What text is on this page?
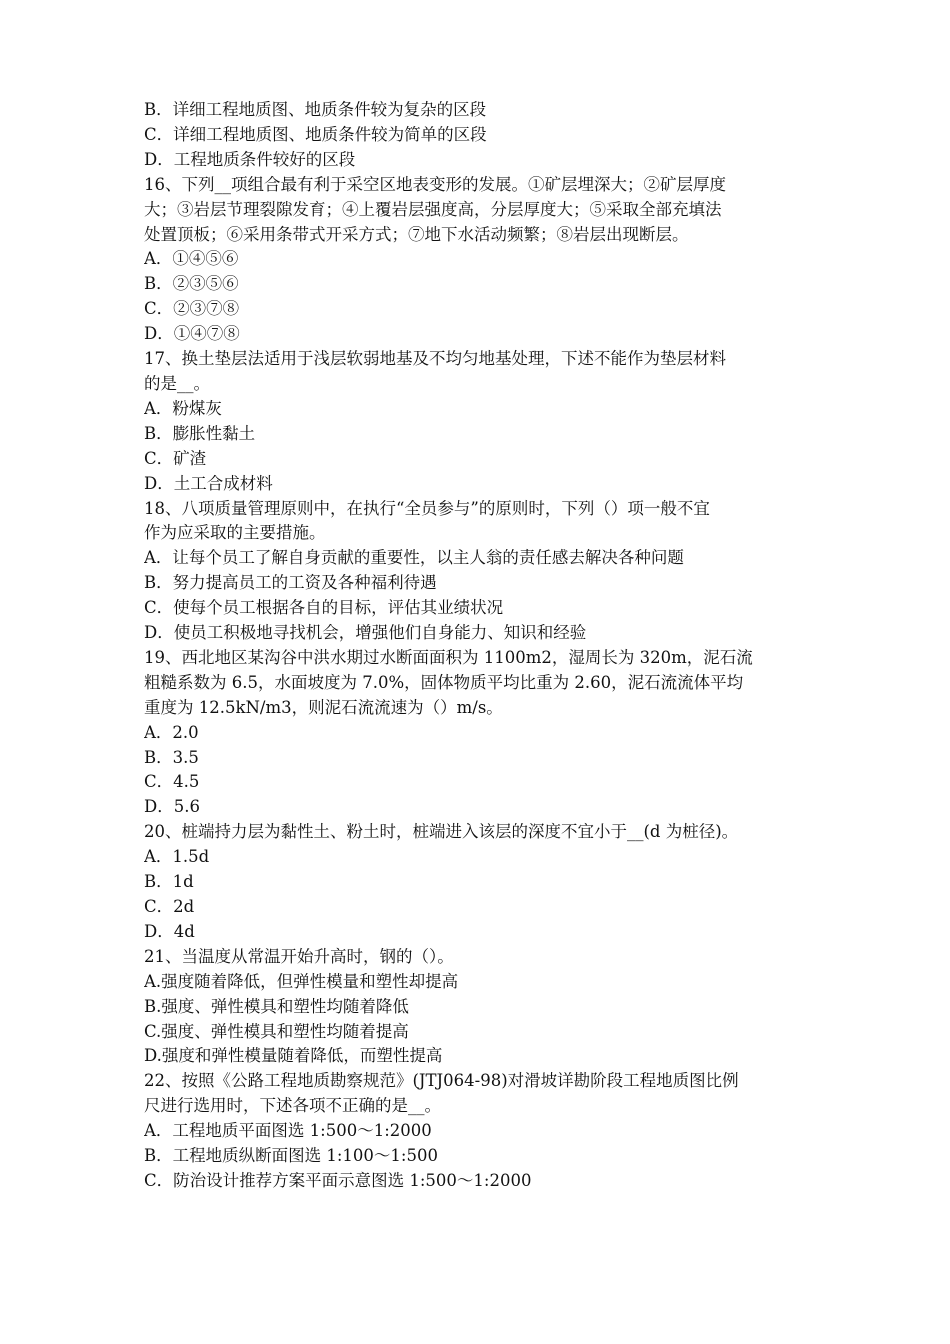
B．详细工程地质图、地质条件较为复杂的区段
C．详细工程地质图、地质条件较为简单的区段
D．工程地质条件较好的区段
16、下列__项组合最有利于采空区地表变形的发展。①矿层埋深大；②矿层厚度
大；③岩层节理裂隙发育；④上覆岩层强度高，分层厚度大；⑤采取全部充填法
处置顶板；⑥采用条带式开采方式；⑦地下水活动频繁；⑧岩层出现断层。
A．①④⑤⑥
B．②③⑤⑥
C．②③⑦⑧
D．①④⑦⑧
17、换土垫层法适用于浅层软弱地基及不均匀地基处理，下述不能作为垫层材料
的是__。
A．粉煤灰
B．膨胀性黏土
C．矿渣
D．土工合成材料
18、八项质量管理原则中，在执行“全员参与”的原则时，下列（）项一般不宜
作为应采取的主要措施。
A．让每个员工了解自身贡献的重要性，以主人翁的责任感去解决各种问题
B．努力提高员工的工资及各种福利待遇
C．使每个员工根据各自的目标，评估其业绩状况
D．使员工积极地寻找机会，增强他们自身能力、知识和经验
19、西北地区某沟谷中洪水期过水断面面积为 1100m2，湿周长为 320m，泥石流
粗糙系数为 6.5，水面坡度为 7.0%，固体物质平均比重为 2.60，泥石流流体平均
重度为 12.5kN/m3，则泥石流流速为（）m/s。
A．2.0
B．3.5
C．4.5
D．5.6
20、桩端持力层为黏性土、粉土时，桩端进入该层的深度不宜小于__(d 为桩径)。
A．1.5d
B．1d
C．2d
D．4d
21、当温度从常温开始升高时，钢的（）。
A.强度随着降低，但弹性模量和塑性却提高
B.强度、弹性模具和塑性均随着降低
C.强度、弹性模具和塑性均随着提高
D.强度和弹性模量随着降低，而塑性提高
22、按照《公路工程地质勘察规范》(JTJ064-98)对滑坡详勘阶段工程地质图比例
尺进行选用时，下述各项不正确的是__。
A．工程地质平面图选 1:500～1:2000
B．工程地质纵断面图选 1:100～1:500
C．防治设计推荐方案平面示意图选 1:500～1:2000
